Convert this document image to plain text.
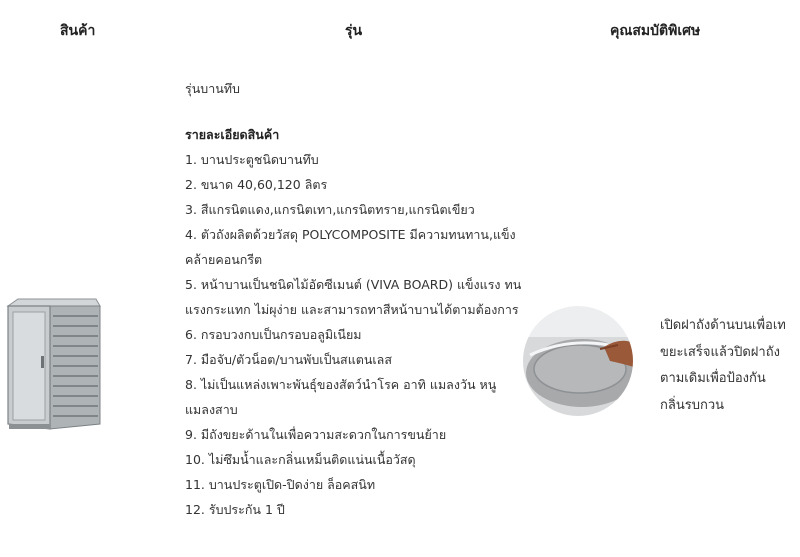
สินค้า	รุ่น	คุณสมบัติพิเศษ

รุ่นบานทึบ

รายละเอียดสินค้า

1. บานประตูชนิดบานทึบ
2. ขนาด 40,60,120 ลิตร
3. สีแกรนิตแดง,แกรนิตเทา,แกรนิตทราย,แกรนิตเขียว
4. ตัวถังผลิตด้วยวัสดุ POLYCOMPOSITE มีความทนทาน,แข็งคล้ายคอนกรีต
5. หน้าบานเป็นชนิดไม้อัดซีเมนต์ (VIVA BOARD) แข็งแรง ทนแรงกระแทก ไม่ผุง่าย และสามารถทาสีหน้าบานได้ตามต้องการ
6. กรอบวงกบเป็นกรอบอลูมิเนียม
7. มือจับ/ตัวน็อต/บานพับเป็นสแตนเลส
8. ไม่เป็นแหล่งเพาะพันธุ์ของสัตว์นำโรค อาทิ แมลงวัน หนู แมลงสาบ
9. มีถังขยะด้านในเพื่อความสะดวกในการขนย้าย
10. ไม่ซึมน้ำและกลิ่นเหม็นติดแน่นเนื้อวัสดุ
11. บานประตูเปิด-ปิดง่าย ล็อคสนิท
12. รับประกัน 1 ปี
เปิดฝาถังด้านบนเพื่อเทขยะเสร็จแล้วปิดฝาถังตามเดิมเพื่อป้องกันกลิ่นรบกวน
